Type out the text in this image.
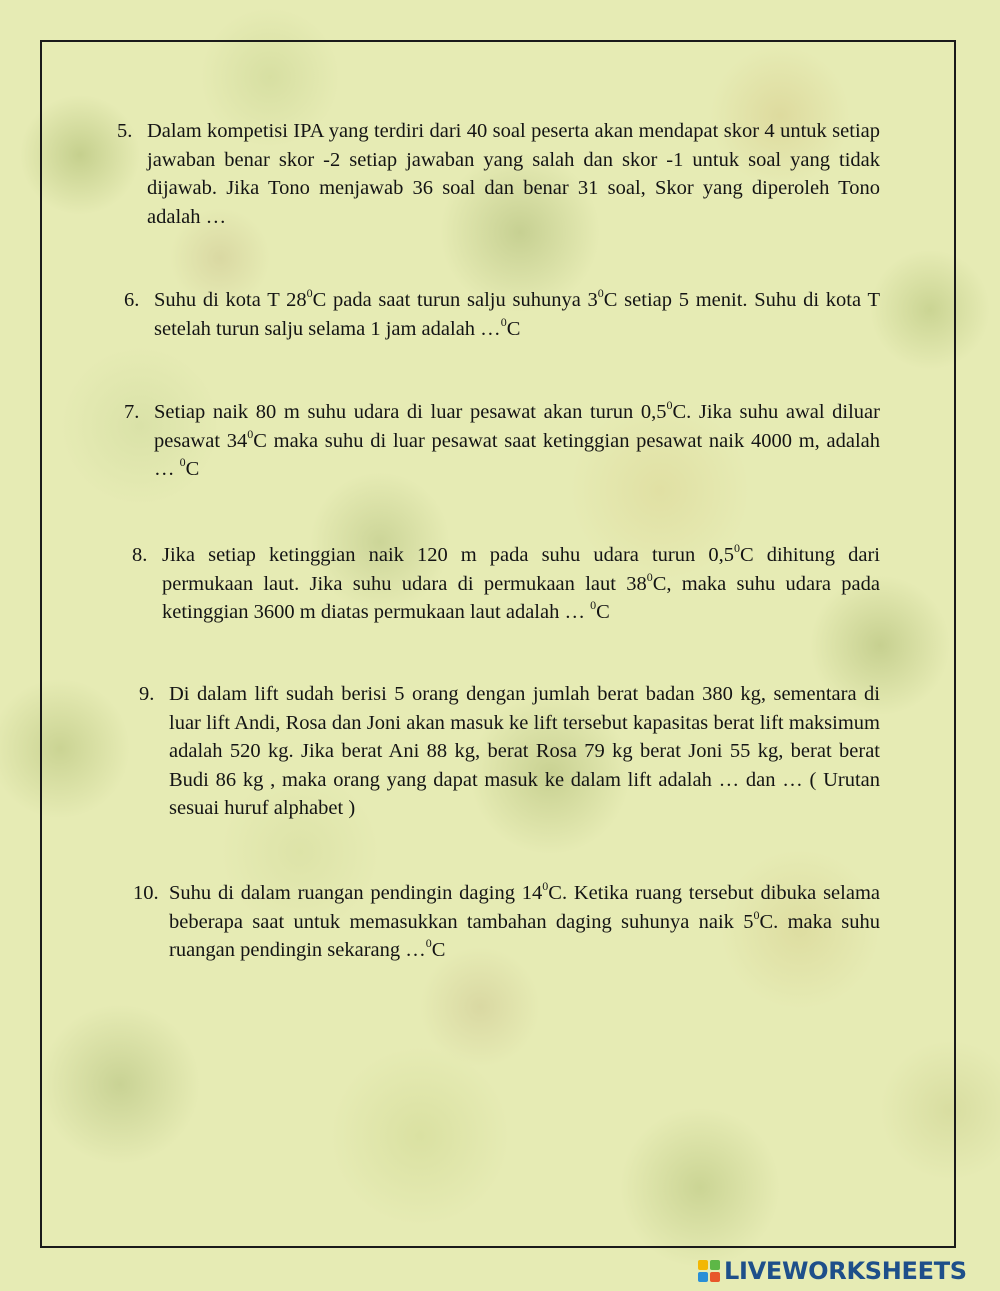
5. Dalam kompetisi IPA yang terdiri dari 40 soal peserta akan mendapat skor 4 untuk setiap jawaban benar skor -2 setiap jawaban yang salah dan skor -1 untuk soal yang tidak dijawab. Jika Tono menjawab 36 soal dan benar 31 soal, Skor yang diperoleh Tono adalah …

6. Suhu di kota T $28^0C$ pada saat turun salju suhunya $3^0C$ setiap 5 menit. Suhu di kota T setelah turun salju selama 1 jam adalah …$^0$C

7. Setiap naik 80 m suhu udara di luar pesawat akan turun $0,5^0C$. Jika suhu awal diluar pesawat $34^0C$ maka suhu di luar pesawat saat ketinggian pesawat naik 4000 m, adalah … $^0$C

8. Jika setiap ketinggian naik 120 m pada suhu udara turun $0,5^0C$ dihitung dari permukaan laut. Jika suhu udara di permukaan laut $38^0C$, maka suhu udara pada ketinggian 3600 m diatas permukaan laut adalah … $^0$C

9. Di dalam lift sudah berisi 5 orang dengan jumlah berat badan 380 kg, sementara di luar lift Andi, Rosa dan Joni akan masuk ke lift tersebut kapasitas berat lift maksimum adalah 520 kg. Jika berat Ani 88 kg, berat Rosa 79 kg berat Joni 55 kg, berat berat Budi 86 kg , maka orang yang dapat masuk ke dalam lift adalah … dan … ( Urutan sesuai huruf alphabet )

10. Suhu di dalam ruangan pendingin daging $14^0C$. Ketika ruang tersebut dibuka selama beberapa saat untuk memasukkan tambahan daging suhunya naik $5^0C$. maka suhu ruangan pendingin sekarang …$^0$C

LIVEWORKSHEETS
